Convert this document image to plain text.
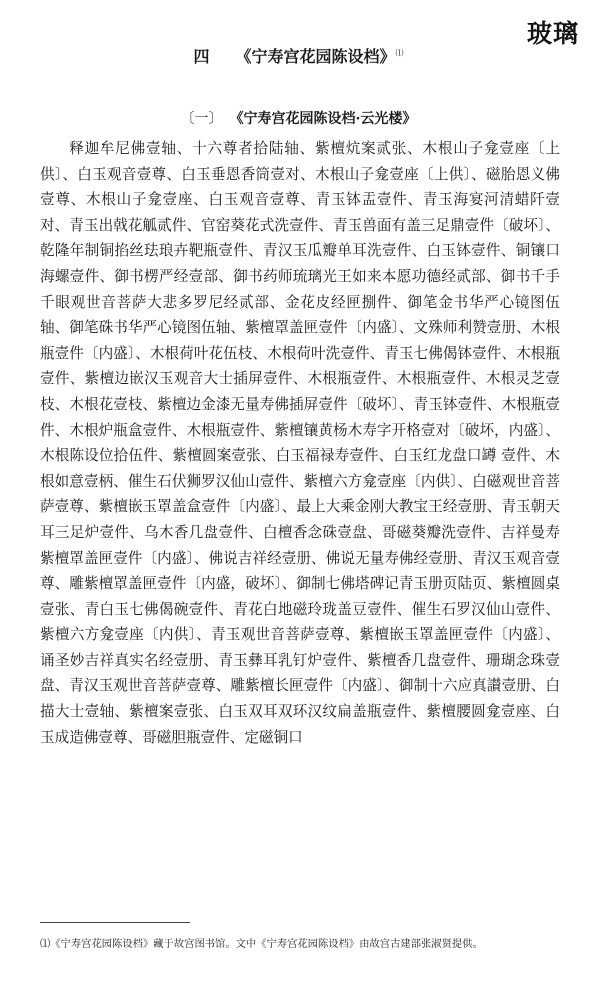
玻璃
四 《宁寿宫花园陈设档》⑴
〔一〕 《宁寿宫花园陈设档·云光楼》
释迦牟尼佛壹轴、十六尊者拾陆轴、紫檀炕案贰张、木根山子龛壹座〔上供〕、白玉观音壹尊、白玉垂恩香筒壹对、木根山子龛壹座〔上供〕、磁胎恩义佛壹尊、木根山子龛壹座、白玉观音壹尊、青玉钵盂壹件、青玉海宴河清蜡阡壹对、青玉出戟花觚贰件、官窑葵花式洗壹件、青玉兽面有盖三足鼎壹件〔破坏〕、乾隆年制铜掐丝珐琅卉靶瓶壹件、青汉玉瓜瓣单耳洗壹件、白玉钵壹件、铜镶口海螺壹件、御书楞严经壹部、御书药师琉璃光王如来本愿功德经贰部、御书千手千眼观世音菩萨大悲多罗尼经贰部、金花皮经匣捌件、御笔金书华严心镜图伍轴、御笔硃书华严心镜图伍轴、紫檀罩盖匣壹件〔内盛〕、文殊师利赞壹册、木根瓶壹件〔内盛〕、木根荷叶花伍枝、木根荷叶洗壹件、青玉七佛偈钵壹件、木根瓶壹件、紫檀边嵌汉玉观音大士插屏壹件、木根瓶壹件、木根瓶壹件、木根灵芝壹枝、木根花壹枝、紫檀边金漆无量寿佛插屏壹件〔破坏〕、青玉钵壹件、木根瓶壹件、木根炉瓶盒壹件、木根瓶壹件、紫檀镶黄杨木寿字开格壹对〔破坏，内盛〕、木根陈设位拾伍件、紫檀圆案壹张、白玉福禄寿壹件、白玉红龙盘口罇 壹件、木根如意壹柄、催生石伏狮罗汉仙山壹件、紫檀六方龛壹座〔内供〕、白磁观世音菩萨壹尊、紫檀嵌玉罩盖盒壹件〔内盛〕、最上大乘金刚大教宝王经壹册、青玉朝天耳三足炉壹件、乌木香几盘壹件、白檀香念硃壹盘、哥磁葵瓣洗壹件、吉祥曼寿紫檀罩盖匣壹件〔内盛〕、佛说吉祥经壹册、佛说无量寿佛经壹册、青汉玉观音壹尊、雕紫檀罩盖匣壹件〔内盛，破坏〕、御制七佛塔碑记青玉册页陆页、紫檀圆桌壹张、青白玉七佛偈碗壹件、青花白地磁玲珑盖豆壹件、催生石罗汉仙山壹件、紫檀六方龛壹座〔内供〕、青玉观世音菩萨壹尊、紫檀嵌玉罩盖匣壹件〔内盛〕、诵圣妙吉祥真实名经壹册、青玉彝耳乳钉炉壹件、紫檀香几盘壹件、珊瑚念珠壹盘、青汉玉观世音菩萨壹尊、雕紫檀长匣壹件〔内盛〕、御制十六应真讃壹册、白描大士壹轴、紫檀案壹张、白玉双耳双环汉纹扁盖瓶壹件、紫檀腰圆龛壹座、白玉成造佛壹尊、哥磁胆瓶壹件、定磁铜口
⑴《宁寿宫花园陈设档》藏于故宫图书馆。文中《宁寿宫花园陈设档》由故宫古建部张淑贤提供。
